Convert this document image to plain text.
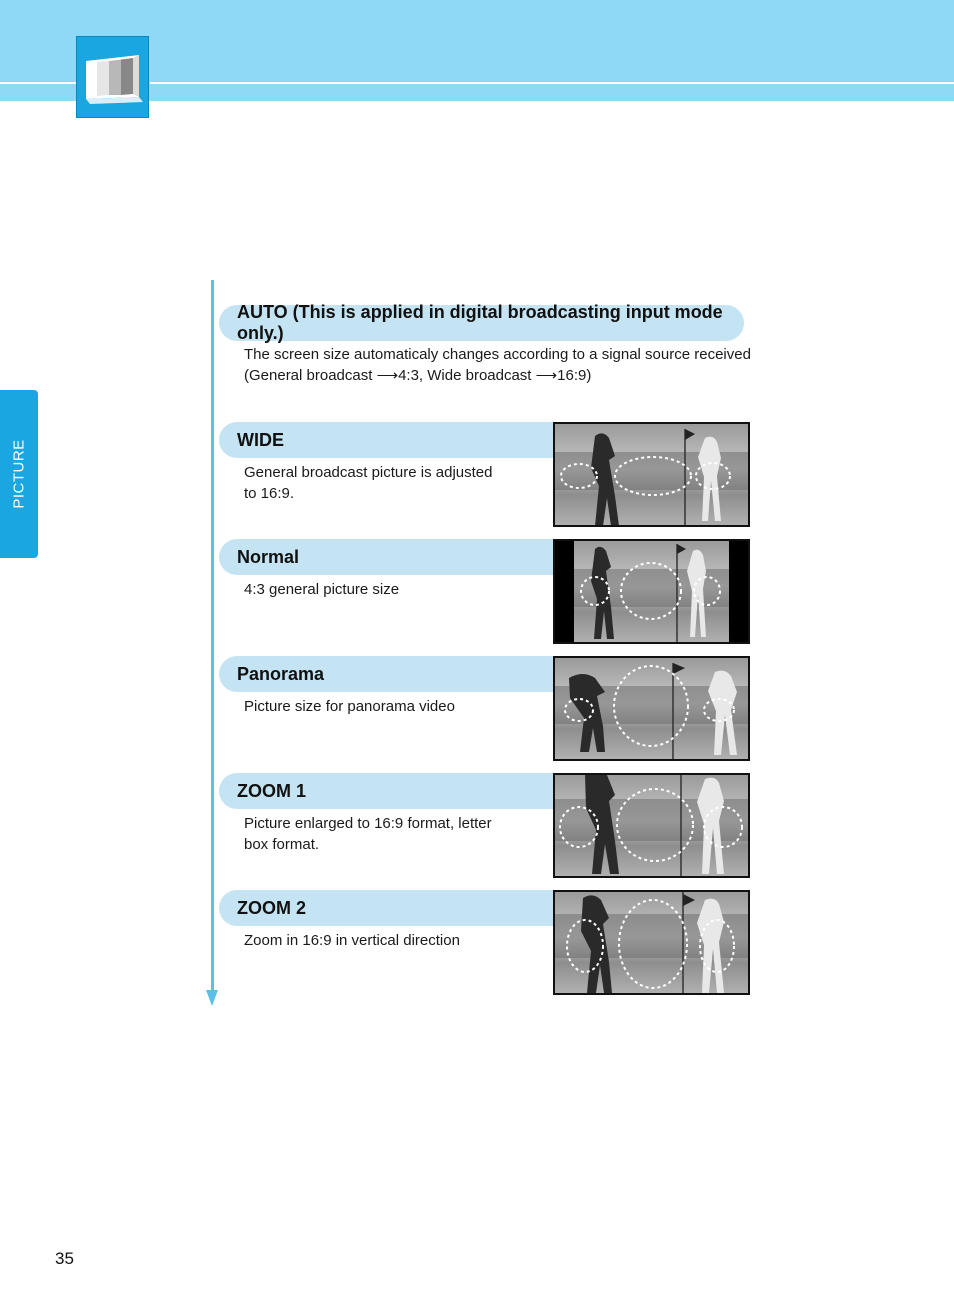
PICTURE
AUTO (This is applied in digital broadcasting input mode only.)
The screen size automaticaly changes according to a signal source received
(General broadcast ⟶4:3, Wide broadcast ⟶16:9)
WIDE
General broadcast picture is adjusted
to 16:9.
Normal
4:3 general picture size
Panorama
Picture size for panorama video
ZOOM 1
Picture enlarged to 16:9 format, letter
box format.
ZOOM 2
Zoom in 16:9 in vertical direction
35
